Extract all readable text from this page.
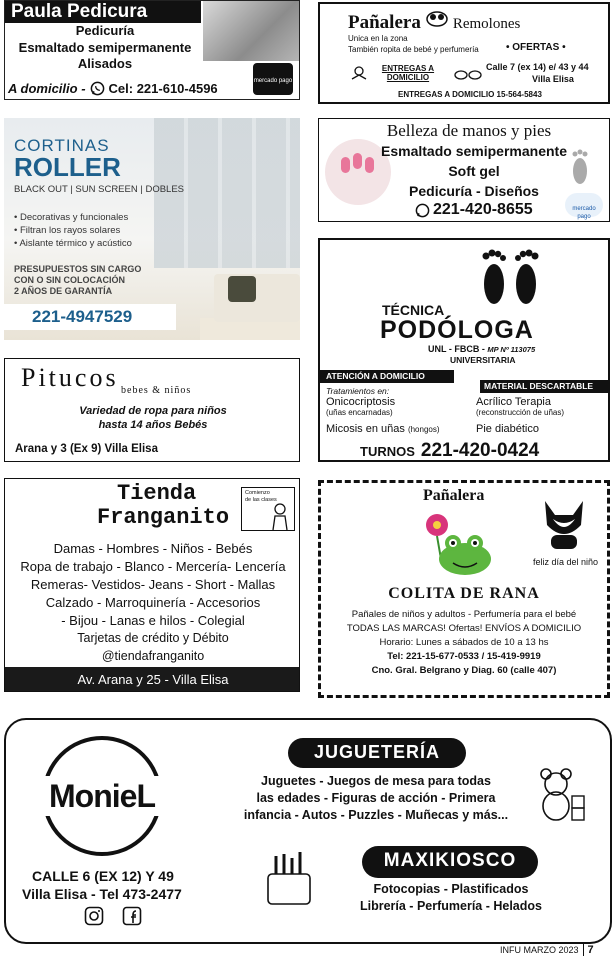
Paula Pedicura
Pedicuría
Esmaltado semipermanente
Alisados
A domicilio - Cel: 221-610-4596	mercado pago
Pañalera Remolones
Unica en la zona
También ropita de bebé y perfumería	• OFERTAS •
ENTREGAS A DOMICILIO
Calle 7 (ex 14) e/ 43 y 44
Villa Elisa
ENTREGAS A DOMICILIO 15-564-5843
CORTINAS
ROLLER
BLACK OUT | SUN SCREEN | DOBLES
• Decorativas y funcionales
• Filtran los rayos solares
• Aislante térmico y acústico
PRESUPUESTOS SIN CARGO
CON O SIN COLOCACIÓN
2 AÑOS DE GARANTÍA
221-4947529
Belleza de manos y pies
Esmaltado semipermanente
Soft gel
Pedicuría - Diseños
221-420-8655	mercado pago
Pitucos bebes & niños
Variedad de ropa para niños
hasta 14 años Bebés
Arana y 3 (Ex 9) Villa Elisa
TÉCNICA
PODÓLOGA
UNL - FBCB - MP Nº 113075
UNIVERSITARIA
ATENCIÓN A DOMICILIO
MATERIAL DESCARTABLE
Tratamientos en:
Onicocriptosis
(uñas encarnadas)
Acrílico Terapia
(reconstrucción de uñas)
Micosis en uñas (hongos)	Pie diabético
TURNOS 221-420-0424
Tienda
Franganito
Comienzo de las clases
Damas - Hombres - Niños - Bebés
Ropa de trabajo - Blanco - Mercería- Lencería
Remeras- Vestidos- Jeans - Short - Mallas
Calzado - Marroquinería - Accesorios
- Bijou - Lanas e hilos - Colegial
Tarjetas de crédito y Débito
@tiendafranganito
Av. Arana y 25 - Villa Elisa
Pañalera
feliz día del niño
COLITA DE RANA
Pañales de niños y adultos - Perfumería para el bebé
TODAS LAS MARCAS! Ofertas! ENVÍOS A DOMICILIO
Horario: Lunes a sábados de 10 a 13 hs
Tel: 221-15-677-0533 / 15-419-9919
Cno. Gral. Belgrano y Diag. 60 (calle 407)
MonieL
CALLE 6 (EX 12) Y 49
Villa Elisa - Tel 473-2477
JUGUETERÍA
Juguetes - Juegos de mesa para todas
las edades - Figuras de acción - Primera
infancia - Autos - Puzzles - Muñecas y más...
MAXIKIOSCO
Fotocopias - Plastificados
Librería - Perfumería - Helados
INFU MARZO 2023 7
